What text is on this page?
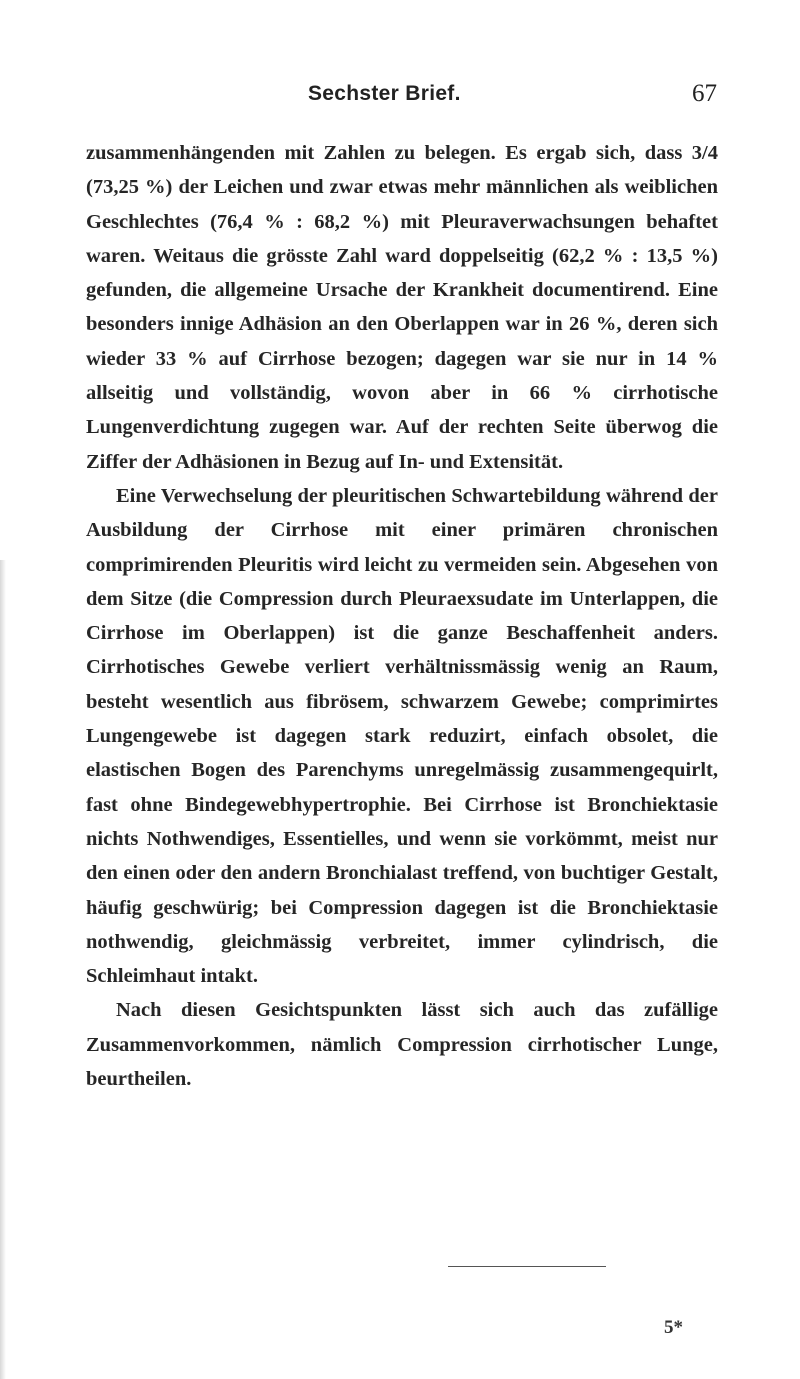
Sechster Brief.	67

zusammenhängenden mit Zahlen zu belegen. Es ergab sich, dass 3/4 (73,25 %) der Leichen und zwar etwas mehr männlichen als weiblichen Geschlechtes (76,4 % : 68,2 %) mit Pleuraverwachsungen behaftet waren. Weitaus die grösste Zahl ward doppelseitig (62,2 % : 13,5 %) gefunden, die allgemeine Ursache der Krankheit documentirend. Eine besonders innige Adhäsion an den Oberlappen war in 26 %, deren sich wieder 33 % auf Cirrhose bezogen; dagegen war sie nur in 14 % allseitig und vollständig, wovon aber in 66 % cirrhotische Lungenverdichtung zugegen war. Auf der rechten Seite überwog die Ziffer der Adhäsionen in Bezug auf In- und Extensität.

Eine Verwechselung der pleuritischen Schwartebildung während der Ausbildung der Cirrhose mit einer primären chronischen comprimirenden Pleuritis wird leicht zu vermeiden sein. Abgesehen von dem Sitze (die Compression durch Pleuraexsudate im Unterlappen, die Cirrhose im Oberlappen) ist die ganze Beschaffenheit anders. Cirrhotisches Gewebe verliert verhältnissmässig wenig an Raum, besteht wesentlich aus fibrösem, schwarzem Gewebe; comprimirtes Lungengewebe ist dagegen stark reduzirt, einfach obsolet, die elastischen Bogen des Parenchyms unregelmässig zusammengequirlt, fast ohne Bindegewebhypertrophie. Bei Cirrhose ist Bronchiektasie nichts Nothwendiges, Essentielles, und wenn sie vorkömmt, meist nur den einen oder den andern Bronchialast treffend, von buchtiger Gestalt, häufig geschwürig; bei Compression dagegen ist die Bronchiektasie nothwendig, gleichmässig verbreitet, immer cylindrisch, die Schleimhaut intakt.

Nach diesen Gesichtspunkten lässt sich auch das zufällige Zusammenvorkommen, nämlich Compression cirrhotischer Lunge, beurtheilen.

5*
